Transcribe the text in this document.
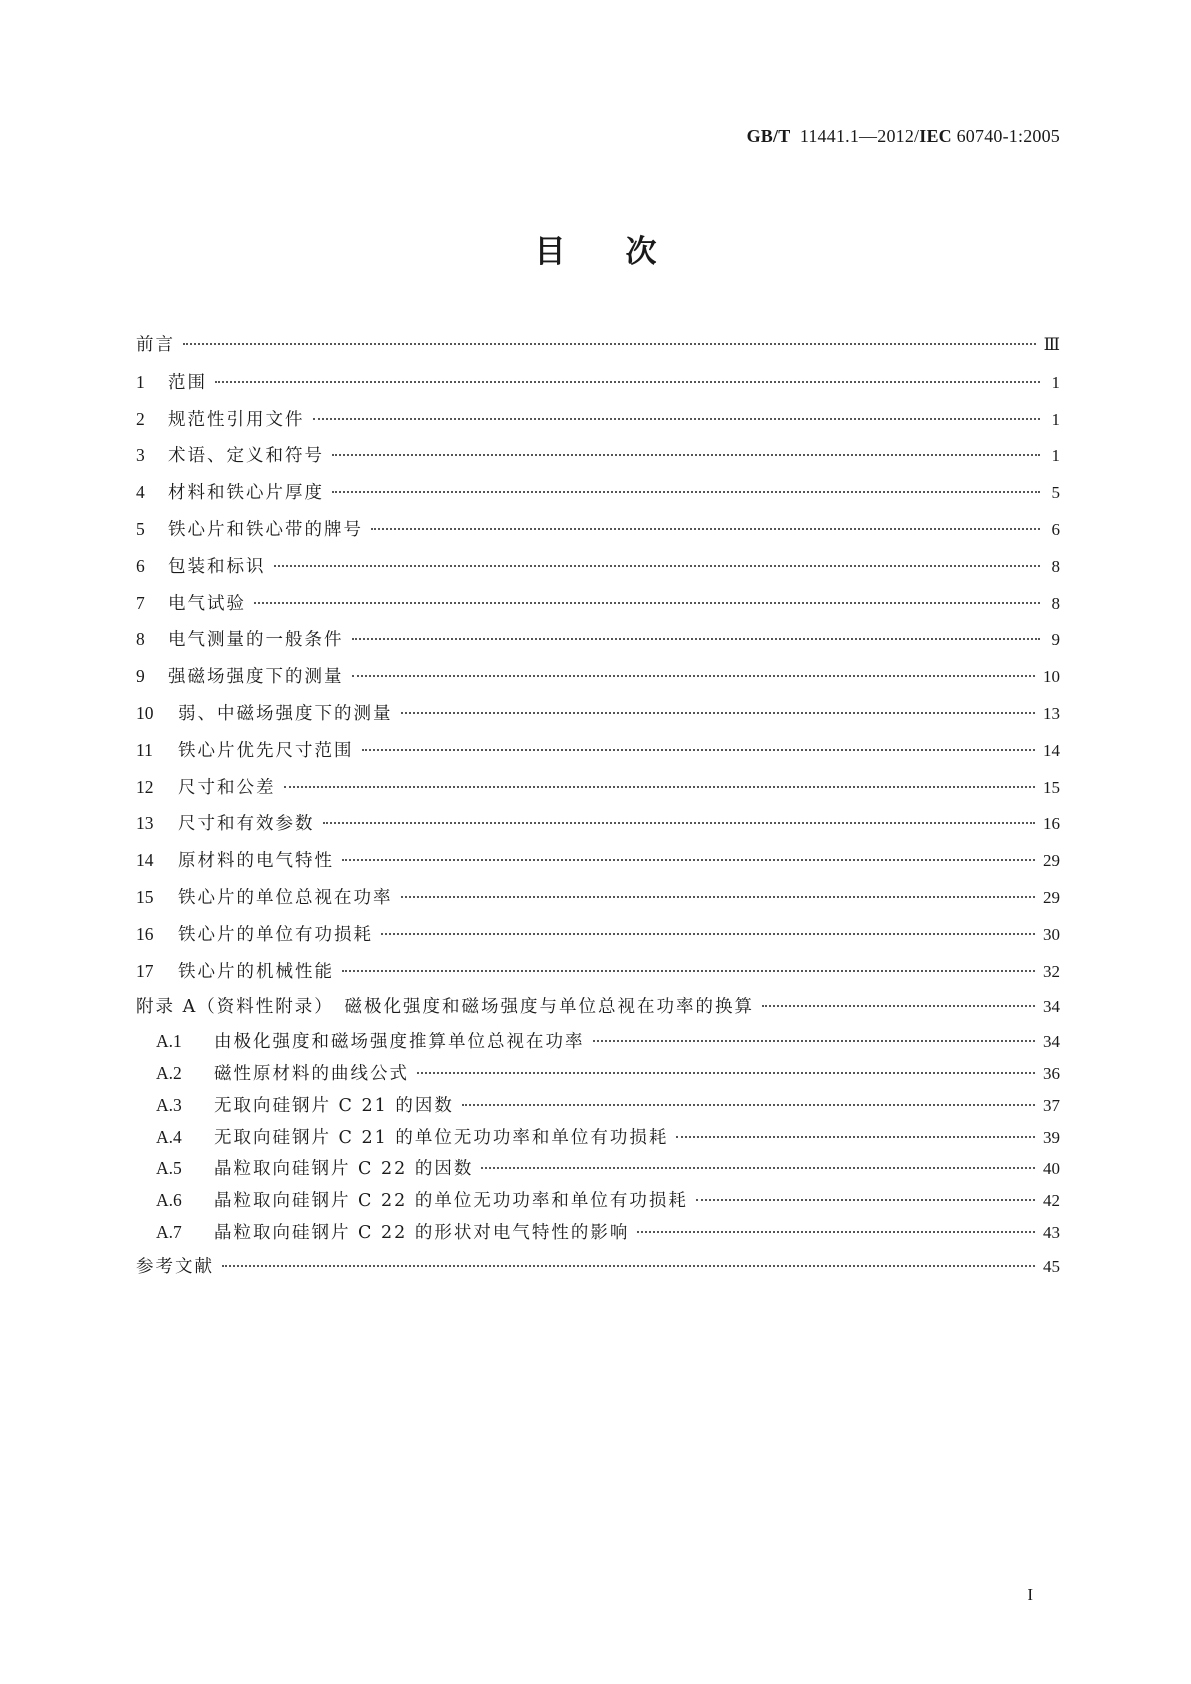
GB/T 11441.1—2012/IEC 60740-1:2005
目次
前言	Ⅲ
1	范围	1
2	规范性引用文件	1
3	术语、定义和符号	1
4	材料和铁心片厚度	5
5	铁心片和铁心带的牌号	6
6	包装和标识	8
7	电气试验	8
8	电气测量的一般条件	9
9	强磁场强度下的测量	10
10	弱、中磁场强度下的测量	13
11	铁心片优先尺寸范围	14
12	尺寸和公差	15
13	尺寸和有效参数	16
14	原材料的电气特性	29
15	铁心片的单位总视在功率	29
16	铁心片的单位有功损耗	30
17	铁心片的机械性能	32
附录 A（资料性附录）　磁极化强度和磁场强度与单位总视在功率的换算	34
A.1	由极化强度和磁场强度推算单位总视在功率	34
A.2	磁性原材料的曲线公式	36
A.3	无取向硅钢片 C 21 的因数	37
A.4	无取向硅钢片 C 21 的单位无功功率和单位有功损耗	39
A.5	晶粒取向硅钢片 C 22 的因数	40
A.6	晶粒取向硅钢片 C 22 的单位无功功率和单位有功损耗	42
A.7	晶粒取向硅钢片 C 22 的形状对电气特性的影响	43
参考文献	45
I
